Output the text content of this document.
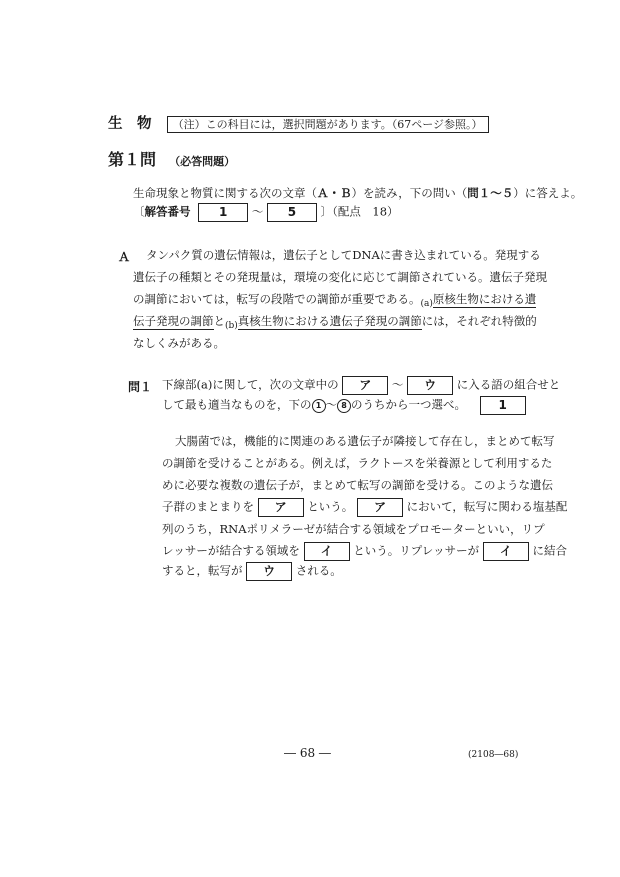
生　物 （注）この科目には，選択問題があります。（67ページ参照。）
第１問 （必答問題）
生命現象と物質に関する次の文章（Ａ・Ｂ）を読み，下の問い（問１〜５）に答えよ。
〔解答番号 1 〜 5 〕（配点　18）
Ａ タンパク質の遺伝情報は，遺伝子としてDNAに書き込まれている。発現する
遺伝子の種類とその発現量は，環境の変化に応じて調節されている。遺伝子発現
の調節においては，転写の段階での調節が重要である。$_{(a)}$原核生物における遺
伝子発現の調節と$_{(b)}$真核生物における遺伝子発現の調節には，それぞれ特徴的
なしくみがある。
問１ 下線部(a)に関して，次の文章中の ア 〜 ウ に入る語の組合せと
して最も適当なものを，下の 1 〜 8 のうちから一つ選べ。	1
大腸菌では，機能的に関連のある遺伝子が隣接して存在し，まとめて転写
の調節を受けることがある。例えば，ラクトースを栄養源として利用するた
めに必要な複数の遺伝子が，まとめて転写の調節を受ける。このような遺伝
子群のまとまりを ア という。 ア において，転写に関わる塩基配
列のうち，RNAポリメラーゼが結合する領域をプロモーターといい，リプ
レッサーが結合する領域を イ という。リプレッサーが イ に結合
すると，転写が ウ される。
― 68 ―	(2108―68)
